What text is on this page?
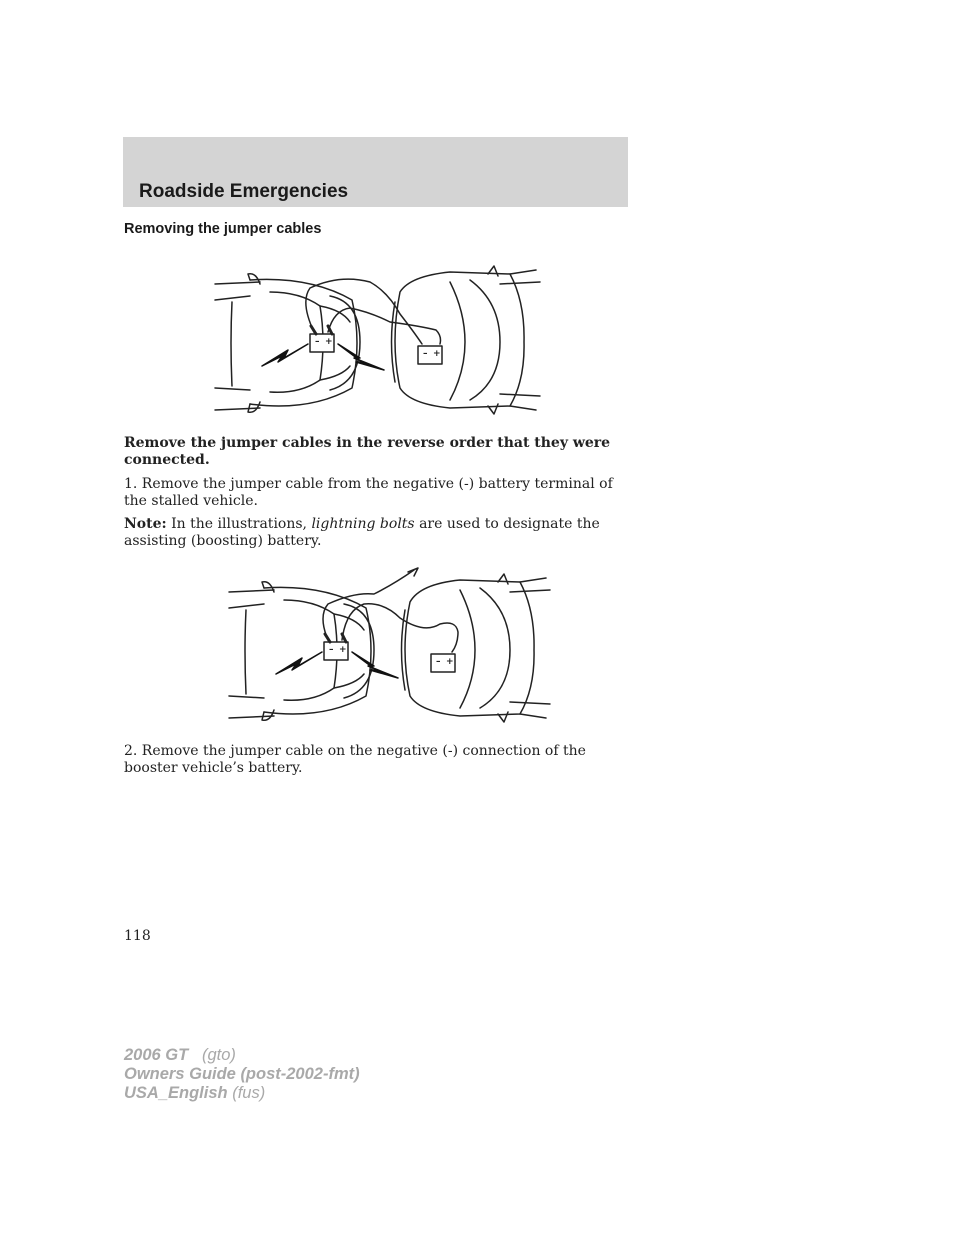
Roadside Emergencies
Removing the jumper cables
– +
– +
Remove the jumper cables in the reverse order that they were connected.
1. Remove the jumper cable from the negative (-) battery terminal of the stalled vehicle.
Note: In the illustrations, lightning bolts are used to designate the assisting (boosting) battery.
– +
– +
2. Remove the jumper cable on the negative (-) connection of the booster vehicle’s battery.
118
2006 GT (gto)
Owners Guide (post-2002-fmt)
USA_English (fus)
